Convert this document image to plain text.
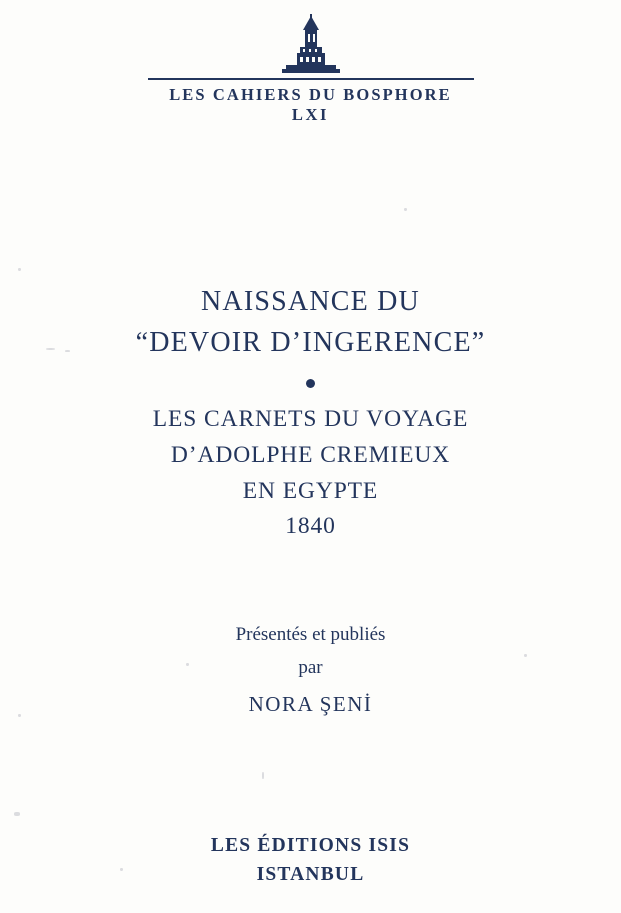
LES CAHIERS DU BOSPHORE
LXI
NAISSANCE DU
“DEVOIR D’INGERENCE”
LES CARNETS DU VOYAGE
D’ADOLPHE CREMIEUX
EN EGYPTE
1840
Présentés et publiés
par
NORA ŞENİ
LES ÉDITIONS ISIS
ISTANBUL
